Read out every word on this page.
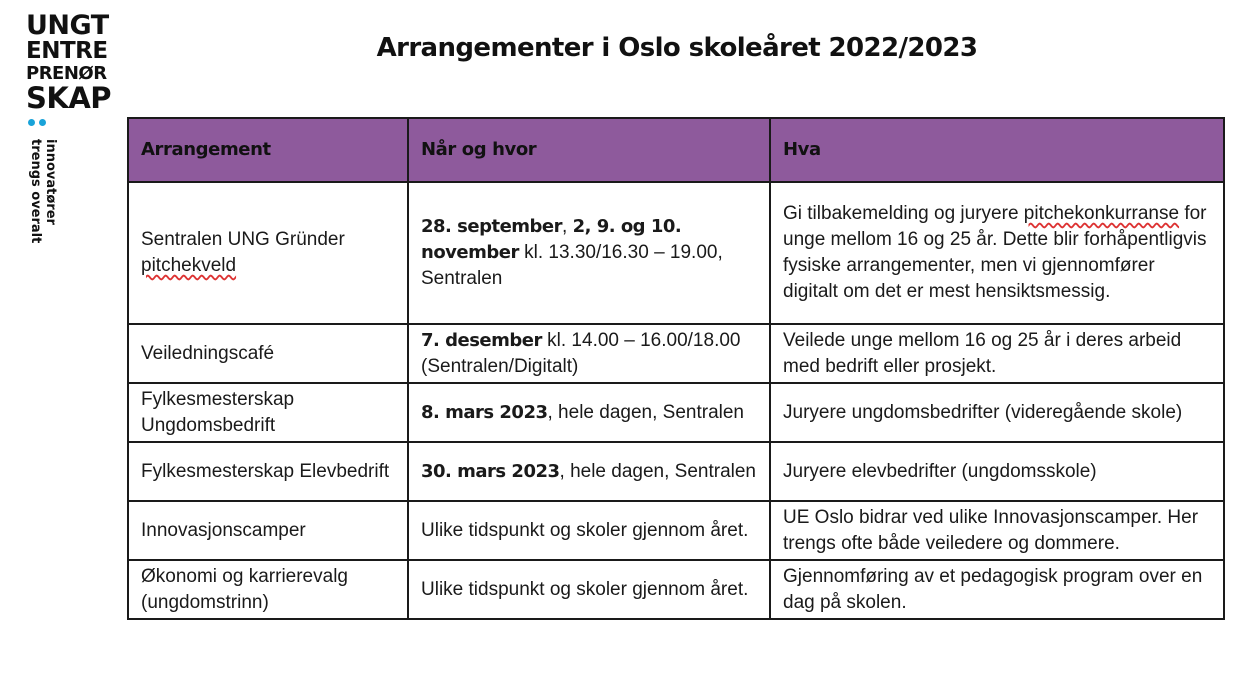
UNGT
ENTRE
PRENØR
SKAP
innovatører
trengs overalt
Arrangementer i Oslo skoleåret 2022/2023
Arrangement	Når og hvor	Hva
Sentralen UNG Gründer pitchekveld	28. september, 2, 9. og 10. november kl. 13.30/16.30 – 19.00, Sentralen	Gi tilbakemelding og juryere pitchekonkurranse for unge mellom 16 og 25 år. Dette blir forhåpentligvis fysiske arrangementer, men vi gjennomfører digitalt om det er mest hensiktsmessig.
Veiledningscafé	7. desember kl. 14.00 – 16.00/18.00 (Sentralen/Digitalt)	Veilede unge mellom 16 og 25 år i deres arbeid med bedrift eller prosjekt.
Fylkesmesterskap Ungdomsbedrift	8. mars 2023, hele dagen, Sentralen	Juryere ungdomsbedrifter (videregående skole)
Fylkesmesterskap Elevbedrift	30. mars 2023, hele dagen, Sentralen	Juryere elevbedrifter (ungdomsskole)
Innovasjonscamper	Ulike tidspunkt og skoler gjennom året.	UE Oslo bidrar ved ulike Innovasjonscamper. Her trengs ofte både veiledere og dommere.
Økonomi og karrierevalg (ungdomstrinn)	Ulike tidspunkt og skoler gjennom året.	Gjennomføring av et pedagogisk program over en dag på skolen.
